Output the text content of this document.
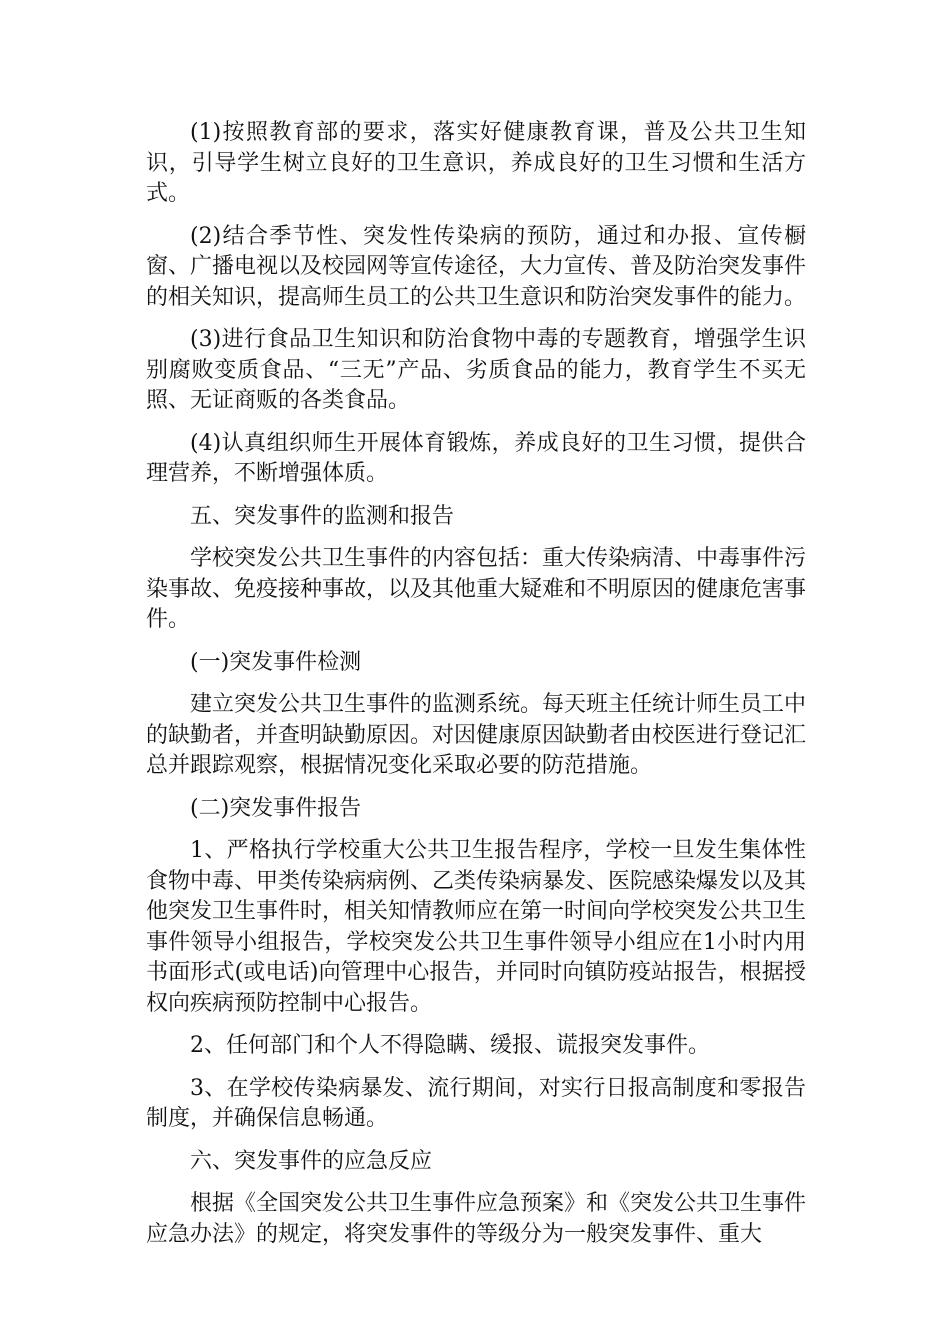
(1)按照教育部的要求，落实好健康教育课，普及公共卫生知识，引导学生树立良好的卫生意识，养成良好的卫生习惯和生活方式。

(2)结合季节性、突发性传染病的预防，通过和办报、宣传橱窗、广播电视以及校园网等宣传途径，大力宣传、普及防治突发事件的相关知识，提高师生员工的公共卫生意识和防治突发事件的能力。

(3)进行食品卫生知识和防治食物中毒的专题教育，增强学生识别腐败变质食品、“三无”产品、劣质食品的能力，教育学生不买无照、无证商贩的各类食品。

(4)认真组织师生开展体育锻炼，养成良好的卫生习惯，提供合理营养，不断增强体质。

五、突发事件的监测和报告

学校突发公共卫生事件的内容包括：重大传染病清、中毒事件污染事故、免疫接种事故，以及其他重大疑难和不明原因的健康危害事件。

(一)突发事件检测

建立突发公共卫生事件的监测系统。每天班主任统计师生员工中的缺勤者，并查明缺勤原因。对因健康原因缺勤者由校医进行登记汇总并跟踪观察，根据情况变化采取必要的防范措施。

(二)突发事件报告

1、严格执行学校重大公共卫生报告程序，学校一旦发生集体性食物中毒、甲类传染病病例、乙类传染病暴发、医院感染爆发以及其他突发卫生事件时，相关知情教师应在第一时间向学校突发公共卫生事件领导小组报告，学校突发公共卫生事件领导小组应在1小时内用书面形式(或电话)向管理中心报告，并同时向镇防疫站报告，根据授权向疾病预防控制中心报告。

2、任何部门和个人不得隐瞒、缓报、谎报突发事件。

3、在学校传染病暴发、流行期间，对实行日报高制度和零报告制度，并确保信息畅通。

六、突发事件的应急反应

根据《全国突发公共卫生事件应急预案》和《突发公共卫生事件应急办法》的规定，将突发事件的等级分为一般突发事件、重大
